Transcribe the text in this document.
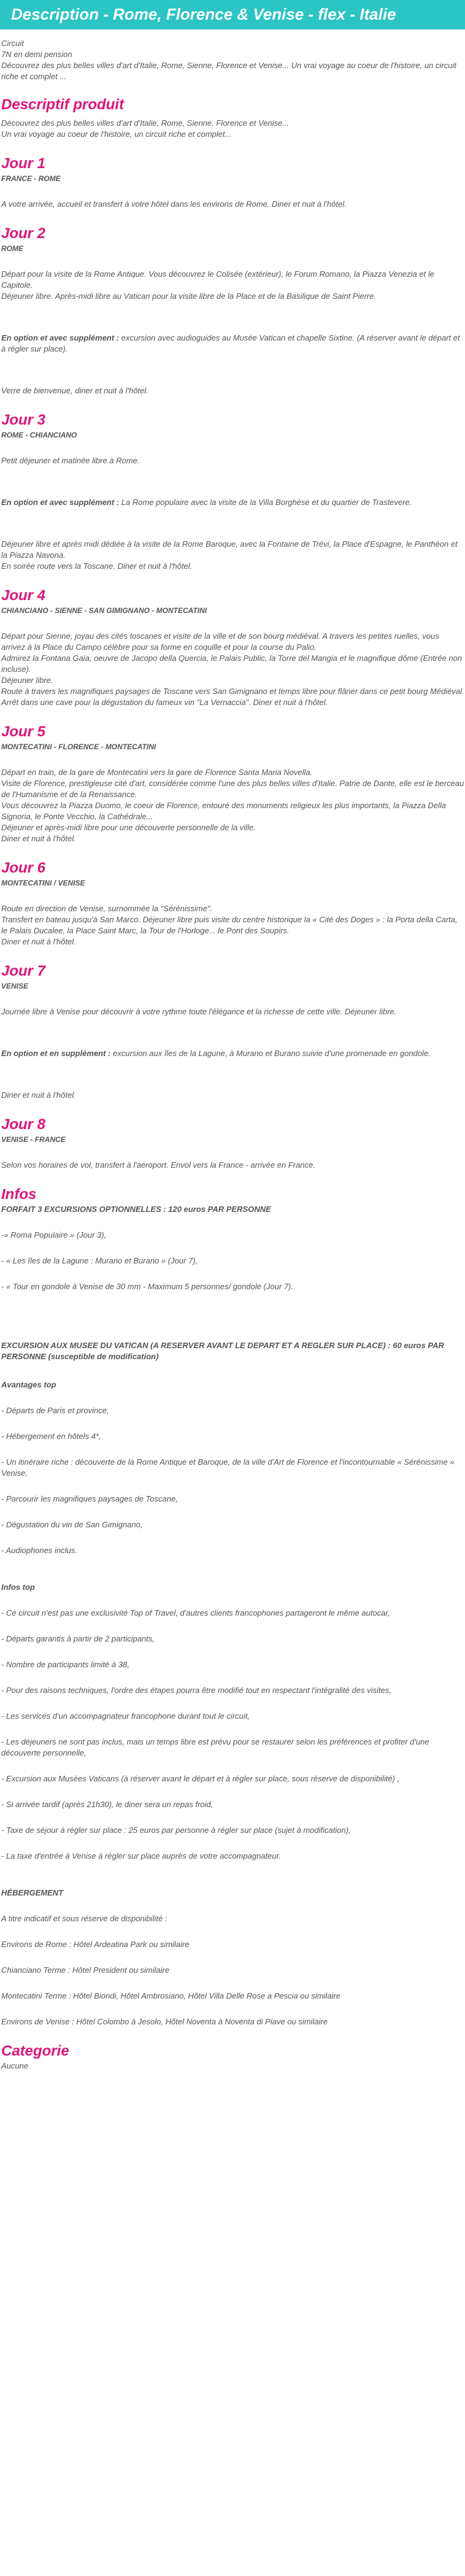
Description - Rome, Florence & Venise - flex - Italie

Circuit

7N en demi pension

Découvrez des plus belles villes d'art d'Italie, Rome, Sienne, Florence et Venise... Un vrai voyage au coeur de l'histoire, un circuit riche et complet ...

Descriptif produit

Découvrez des plus belles villes d'art d'Italie, Rome, Sienne, Florence et Venise...

Un vrai voyage au coeur de l'histoire, un circuit riche et complet...

Jour 1
FRANCE - ROME

A votre arrivée, accueil et transfert à votre hôtel dans les environs de Rome. Diner et nuit à l'hôtel.

Jour 2
ROME

Départ pour la visite de la Rome Antique. Vous découvrez le Colisée (extérieur), le Forum Romano, la Piazza Venezia et le Capitole.

Déjeuner libre. Après-midi libre au Vatican pour la visite libre de la Place et de la Basilique de Saint Pierre.

En option et avec supplément : excursion avec audioguides au Musée Vatican et chapelle Sixtine. (A réserver avant le départ et à régler sur place).

Verre de bienvenue, diner et nuit à l'hôtel.

Jour 3
ROME - CHIANCIANO

Petit déjeuner et matinée libre à Rome.

En option et avec supplément : La Rome populaire avec la visite de la Villa Borghèse et du quartier de Trastevere.

Déjeuner libre et après midi dédiée à la visite de la Rome Baroque, avec la Fontaine de Trévi, la Place d'Espagne, le Panthéon et la Piazza Navona.

En soirée route vers la Toscane. Diner et nuit à l'hôtel.

Jour 4
CHIANCIANO - SIENNE - SAN GIMIGNANO - MONTECATINI

Départ pour Sienne, joyau des cités toscanes et visite de la ville et de son bourg médiéval. A travers les petites ruelles, vous arrivez à la Place du Campo célèbre pour sa forme en coquille et pour la course du Palio.

Admirez la Fontana Gaia, oeuvre de Jacopo della Quercia, le Palais Public, la Torre del Mangia et le magnifique dôme (Entrée non incluse).

Déjeuner libre.

Route à travers les magnifiques paysages de Toscane vers San Gimignano et temps libre pour flâner dans ce petit bourg Médiéval.

Arrêt dans une cave pour la dégustation du fameux vin "La Vernaccia". Diner et nuit à l'hôtel.

Jour 5
MONTECATINI - FLORENCE - MONTECATINI

Départ en train, de la gare de Montecatini vers la gare de Florence Santa Maria Novella.

Visite de Florence, prestigieuse cité d'art, considérée comme l'une des plus belles villes d'Italie. Patrie de Dante, elle est le berceau de l'Humanisme et de la Renaissance.

Vous découvrez la Piazza Duomo, le coeur de Florence, entouré des monuments religieux les plus importants, la Piazza Della Signoria, le Ponte Vecchio, la Cathédrale...

Déjeuner et après-midi libre pour une découverte personnelle de la ville.

Diner et nuit à l'hôtel.

Jour 6
MONTECATINI / VENISE

Route en direction de Venise, surnommée la "Sérénissime".

Transfert en bateau jusqu'à San Marco. Déjeuner libre puis visite du centre historique la « Cité des Doges » : la Porta della Carta, le Palais Ducalee, la Place Saint Marc, la Tour de l'Horloge... le Pont des Soupirs.

Diner et nuit à l'hôtel.

Jour 7
VENISE

Journée libre à Venise pour découvrir à votre rythme toute l'élégance et la richesse de cette ville. Déjeuner libre.

En option et en supplément : excursion aux îles de la Lagune, à Murano et Burano suivie d'une promenade en gondole.

Diner et nuit à l'hôtel.

Jour 8
VENISE - FRANCE

Selon vos horaires de vol, transfert à l'aéroport. Envol vers la France - arrivée en France.

Infos

FORFAIT 3 EXCURSIONS OPTIONNELLES : 120 euros PAR PERSONNE

-» Roma Populaire » (Jour 3),

- « Les îles de la Lagune : Murano et Burano » (Jour 7),

- « Tour en gondole à Venise de 30 mm - Maximum 5 personnes/ gondole (Jour 7).

EXCURSION AUX MUSEE DU VATICAN (A RESERVER AVANT LE DEPART ET A REGLER SUR PLACE) : 60 euros PAR PERSONNE (susceptible de modification)

Avantages top

- Départs de Paris et province,

- Hébergement en hôtels 4*,

- Un itinéraire riche : découverte de la Rome Antique et Baroque, de la ville d'Art de Florence et l'incontournable « Sérénissime » Venise,

- Parcourir les magnifiques paysages de Toscane,

- Dégustation du vin de San Gimignano,

- Audiophones inclus.

Infos top

- Ce circuit n'est pas une exclusivité Top of Travel, d'autres clients francophones partageront le même autocar,

- Départs garantis à partir de 2 participants,

- Nombre de participants limité à 38,

- Pour des raisons techniques, l'ordre des étapes pourra être modifié tout en respectant l'intégralité des visites,

- Les services d'un accompagnateur francophone durant tout le circuit,

- Les déjeuners ne sont pas inclus, mais un temps libre est prévu pour se restaurer selon les préférences et profiter d'une découverte personnelle,

- Excursion aux Musées Vaticans (à réserver avant le départ et à régler sur place, sous réserve de disponibilité) ,

- Si arrivée tardif (après 21h30), le diner sera un repas froid,

- Taxe de séjour à régler sur place : 25 euros par personne à régler sur place (sujet à modification),

- La taxe d'entrée à Venise à régler sur place auprès de votre accompagnateur.

HÉBERGEMENT

A titre indicatif et sous réserve de disponibilité :

Environs de Rome : Hôtel Ardeatina Park ou similaire

Chianciano Terme : Hôtel President ou similaire

Montecatini Terme : Hôtel Biondi, Hôtel Ambrosiano, Hôtel Villa Delle Rose a Pescia ou similaire

Environs de Venise : Hôtel Colombo à Jesolo, Hôtel Noventa à Noventa di Piave ou similaire

Categorie

Aucune
